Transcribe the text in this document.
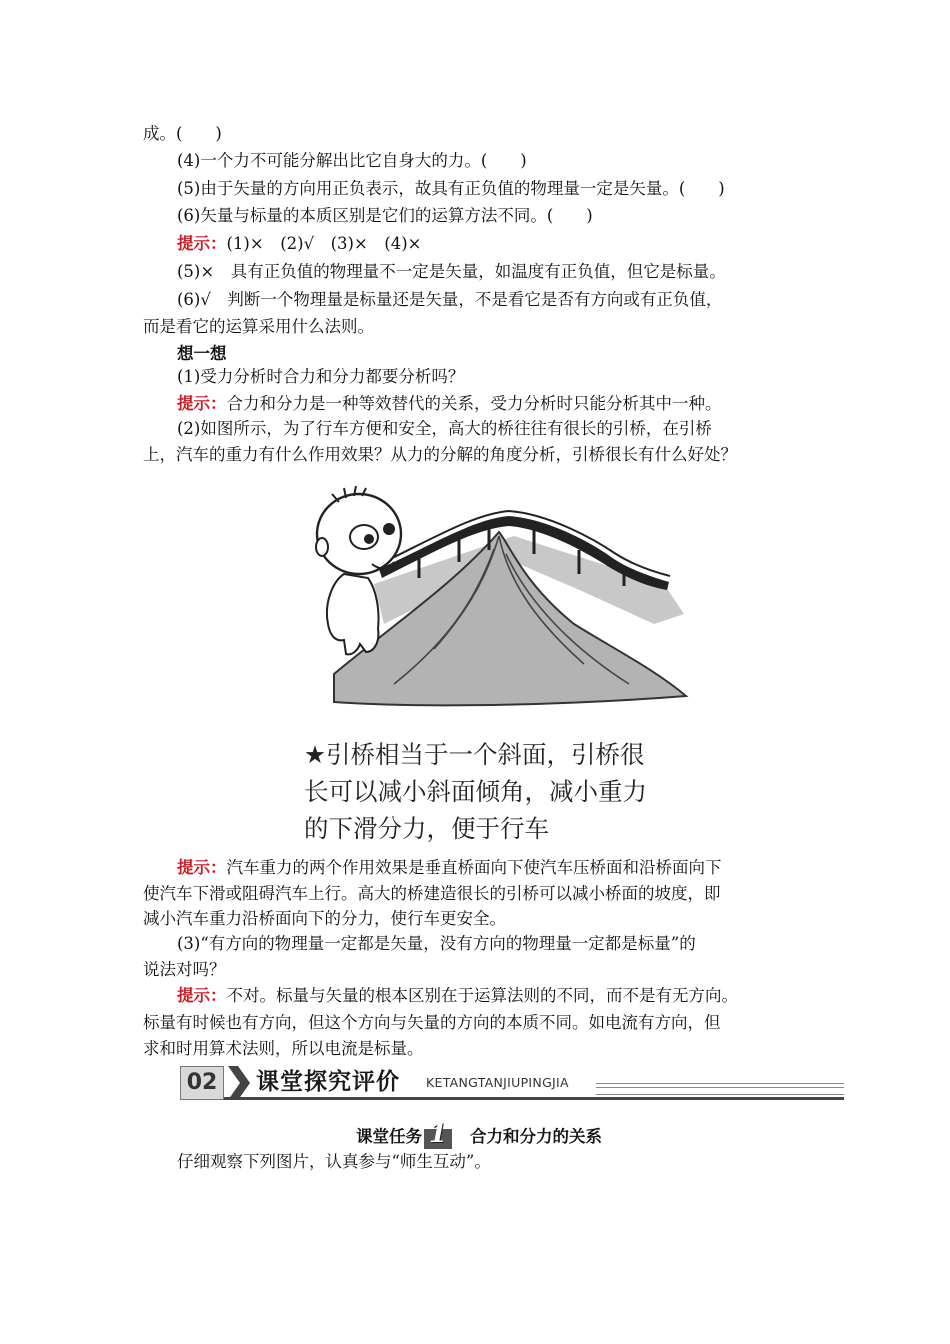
成。(　　)
(4)一个力不可能分解出比它自身大的力。(　　)
(5)由于矢量的方向用正负表示，故具有正负值的物理量一定是矢量。(　　)
(6)矢量与标量的本质区别是它们的运算方法不同。(　　)
提示：(1)×　(2)√　(3)×　(4)×
(5)×　具有正负值的物理量不一定是矢量，如温度有正负值，但它是标量。
(6)√　判断一个物理量是标量还是矢量，不是看它是否有方向或有正负值，
而是看它的运算采用什么法则。
想一想
(1)受力分析时合力和分力都要分析吗？
提示：合力和分力是一种等效替代的关系，受力分析时只能分析其中一种。
(2)如图所示，为了行车方便和安全，高大的桥往往有很长的引桥，在引桥
上，汽车的重力有什么作用效果？从力的分解的角度分析，引桥很长有什么好处？
★引桥相当于一个斜面，引桥很
长可以减小斜面倾角，减小重力
的下滑分力，便于行车
提示：汽车重力的两个作用效果是垂直桥面向下使汽车压桥面和沿桥面向下
使汽车下滑或阻碍汽车上行。高大的桥建造很长的引桥可以减小桥面的坡度，即
减小汽车重力沿桥面向下的分力，使行车更安全。
(3)“有方向的物理量一定都是矢量，没有方向的物理量一定都是标量”的
说法对吗？
提示：不对。标量与矢量的根本区别在于运算法则的不同，而不是有无方向。
标量有时候也有方向，但这个方向与矢量的方向的本质不同。如电流有方向，但
求和时用算术法则，所以电流是标量。
02 课堂探究评价 KETANGTANJIUPINGJIA
课堂任务 1 合力和分力的关系
仔细观察下列图片，认真参与“师生互动”。
